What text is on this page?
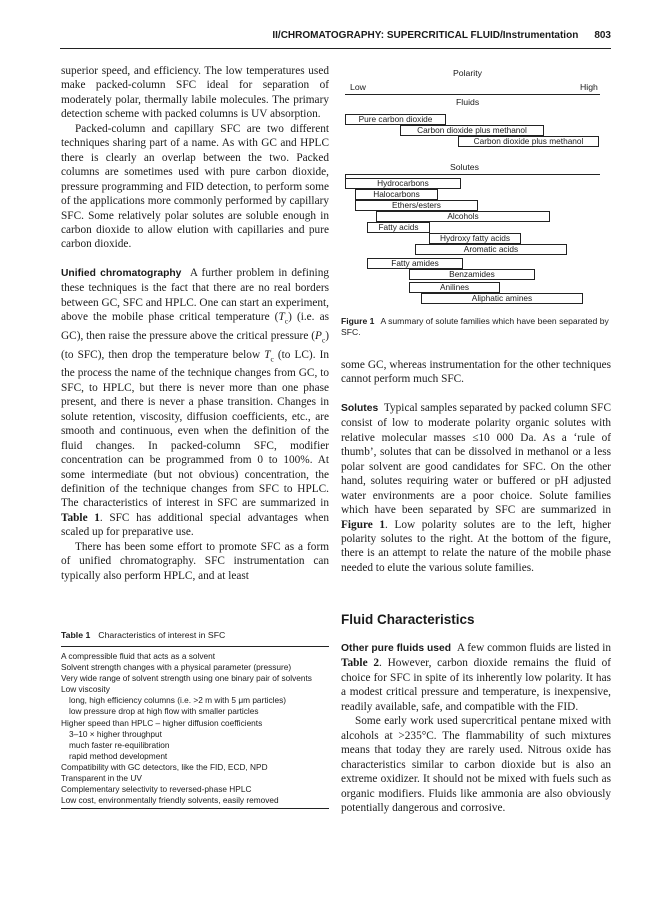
II/CHROMATOGRAPHY: SUPERCRITICAL FLUID/Instrumentation 803

superior speed, and efficiency. The low temperatures used make packed-column SFC ideal for separation of moderately polar, thermally labile molecules. The primary detection scheme with packed columns is UV absorption.

Packed-column and capillary SFC are two different techniques sharing part of a name. As with GC and HPLC there is clearly an overlap between the two. Packed columns are sometimes used with pure carbon dioxide, pressure programming and FID detection, to perform some of the applications more commonly performed by capillary SFC. Some relatively polar solutes are soluble enough in carbon dioxide to allow elution with capillaries and pure carbon dioxide.

Unified chromatography A further problem in defining these techniques is the fact that there are no real borders between GC, SFC and HPLC. One can start an experiment, above the mobile phase critical temperature $(T_c)$ (i.e. as GC), then raise the pressure above the critical pressure $(P_c)$ (to SFC), then drop the temperature below $T_c$ (to LC). In the process the name of the technique changes from GC, to SFC, to HPLC, but there is never more than one phase present, and there is never a phase transition. Changes in solute retention, viscosity, diffusion coefficients, etc., are smooth and continuous, even when the definition of the fluid changes. In packed-column SFC, modifier concentration can be programmed from 0 to 100%. At some intermediate (but not obvious) concentration, the definition of the technique changes from SFC to HPLC. The characteristics of interest in SFC are summarized in Table 1. SFC has additional special advantages when scaled up for preparative use.

There has been some effort to promote SFC as a form of unified chromatography. SFC instrumentation can typically also perform HPLC, and at least

Table 1 Characteristics of interest in SFC
A compressible fluid that acts as a solvent
Solvent strength changes with a physical parameter (pressure)
Very wide range of solvent strength using one binary pair of solvents
Low viscosity
long, high efficiency columns (i.e. >2 m with 5 μm particles)
low pressure drop at high flow with smaller particles
Higher speed than HPLC – higher diffusion coefficients
3–10 × higher throughput
much faster re-equilibration
rapid method development
Compatibility with GC detectors, like the FID, ECD, NPD
Transparent in the UV
Complementary selectivity to reversed-phase HPLC
Low cost, environmentally friendly solvents, easily removed
Polarity
Low	High
Fluids
Pure carbon dioxide
Carbon dioxide plus methanol
Carbon dioxide plus methanol
Solutes
Hydrocarbons
Halocarbons
Ethers/esters
Alcohols
Fatty acids
Hydroxy fatty acids
Aromatic acids
Fatty amides
Benzamides
Anilines
Aliphatic amines
Figure 1 A summary of solute families which have been separated by SFC.

some GC, whereas instrumentation for the other techniques cannot perform much SFC.

Solutes Typical samples separated by packed column SFC consist of low to moderate polarity organic solutes with relative molecular masses ≤10 000 Da. As a ‘rule of thumb’, solutes that can be dissolved in methanol or a less polar solvent are good candidates for SFC. On the other hand, solutes requiring water or buffered or pH adjusted water environments are a poor choice. Solute families which have been separated by SFC are summarized in Figure 1. Low polarity solutes are to the left, higher polarity solutes to the right. At the bottom of the figure, there is an attempt to relate the nature of the mobile phase needed to elute the various solute families.

Fluid Characteristics

Other pure fluids used A few common fluids are listed in Table 2. However, carbon dioxide remains the fluid of choice for SFC in spite of its inherently low polarity. It has a modest critical pressure and temperature, is inexpensive, readily available, safe, and compatible with the FID.

Some early work used supercritical pentane mixed with alcohols at >235°C. The flammability of such mixtures means that today they are rarely used. Nitrous oxide has characteristics similar to carbon dioxide but is also an extreme oxidizer. It should not be mixed with fuels such as organic modifiers. Fluids like ammonia are also obviously potentially dangerous and corrosive.
